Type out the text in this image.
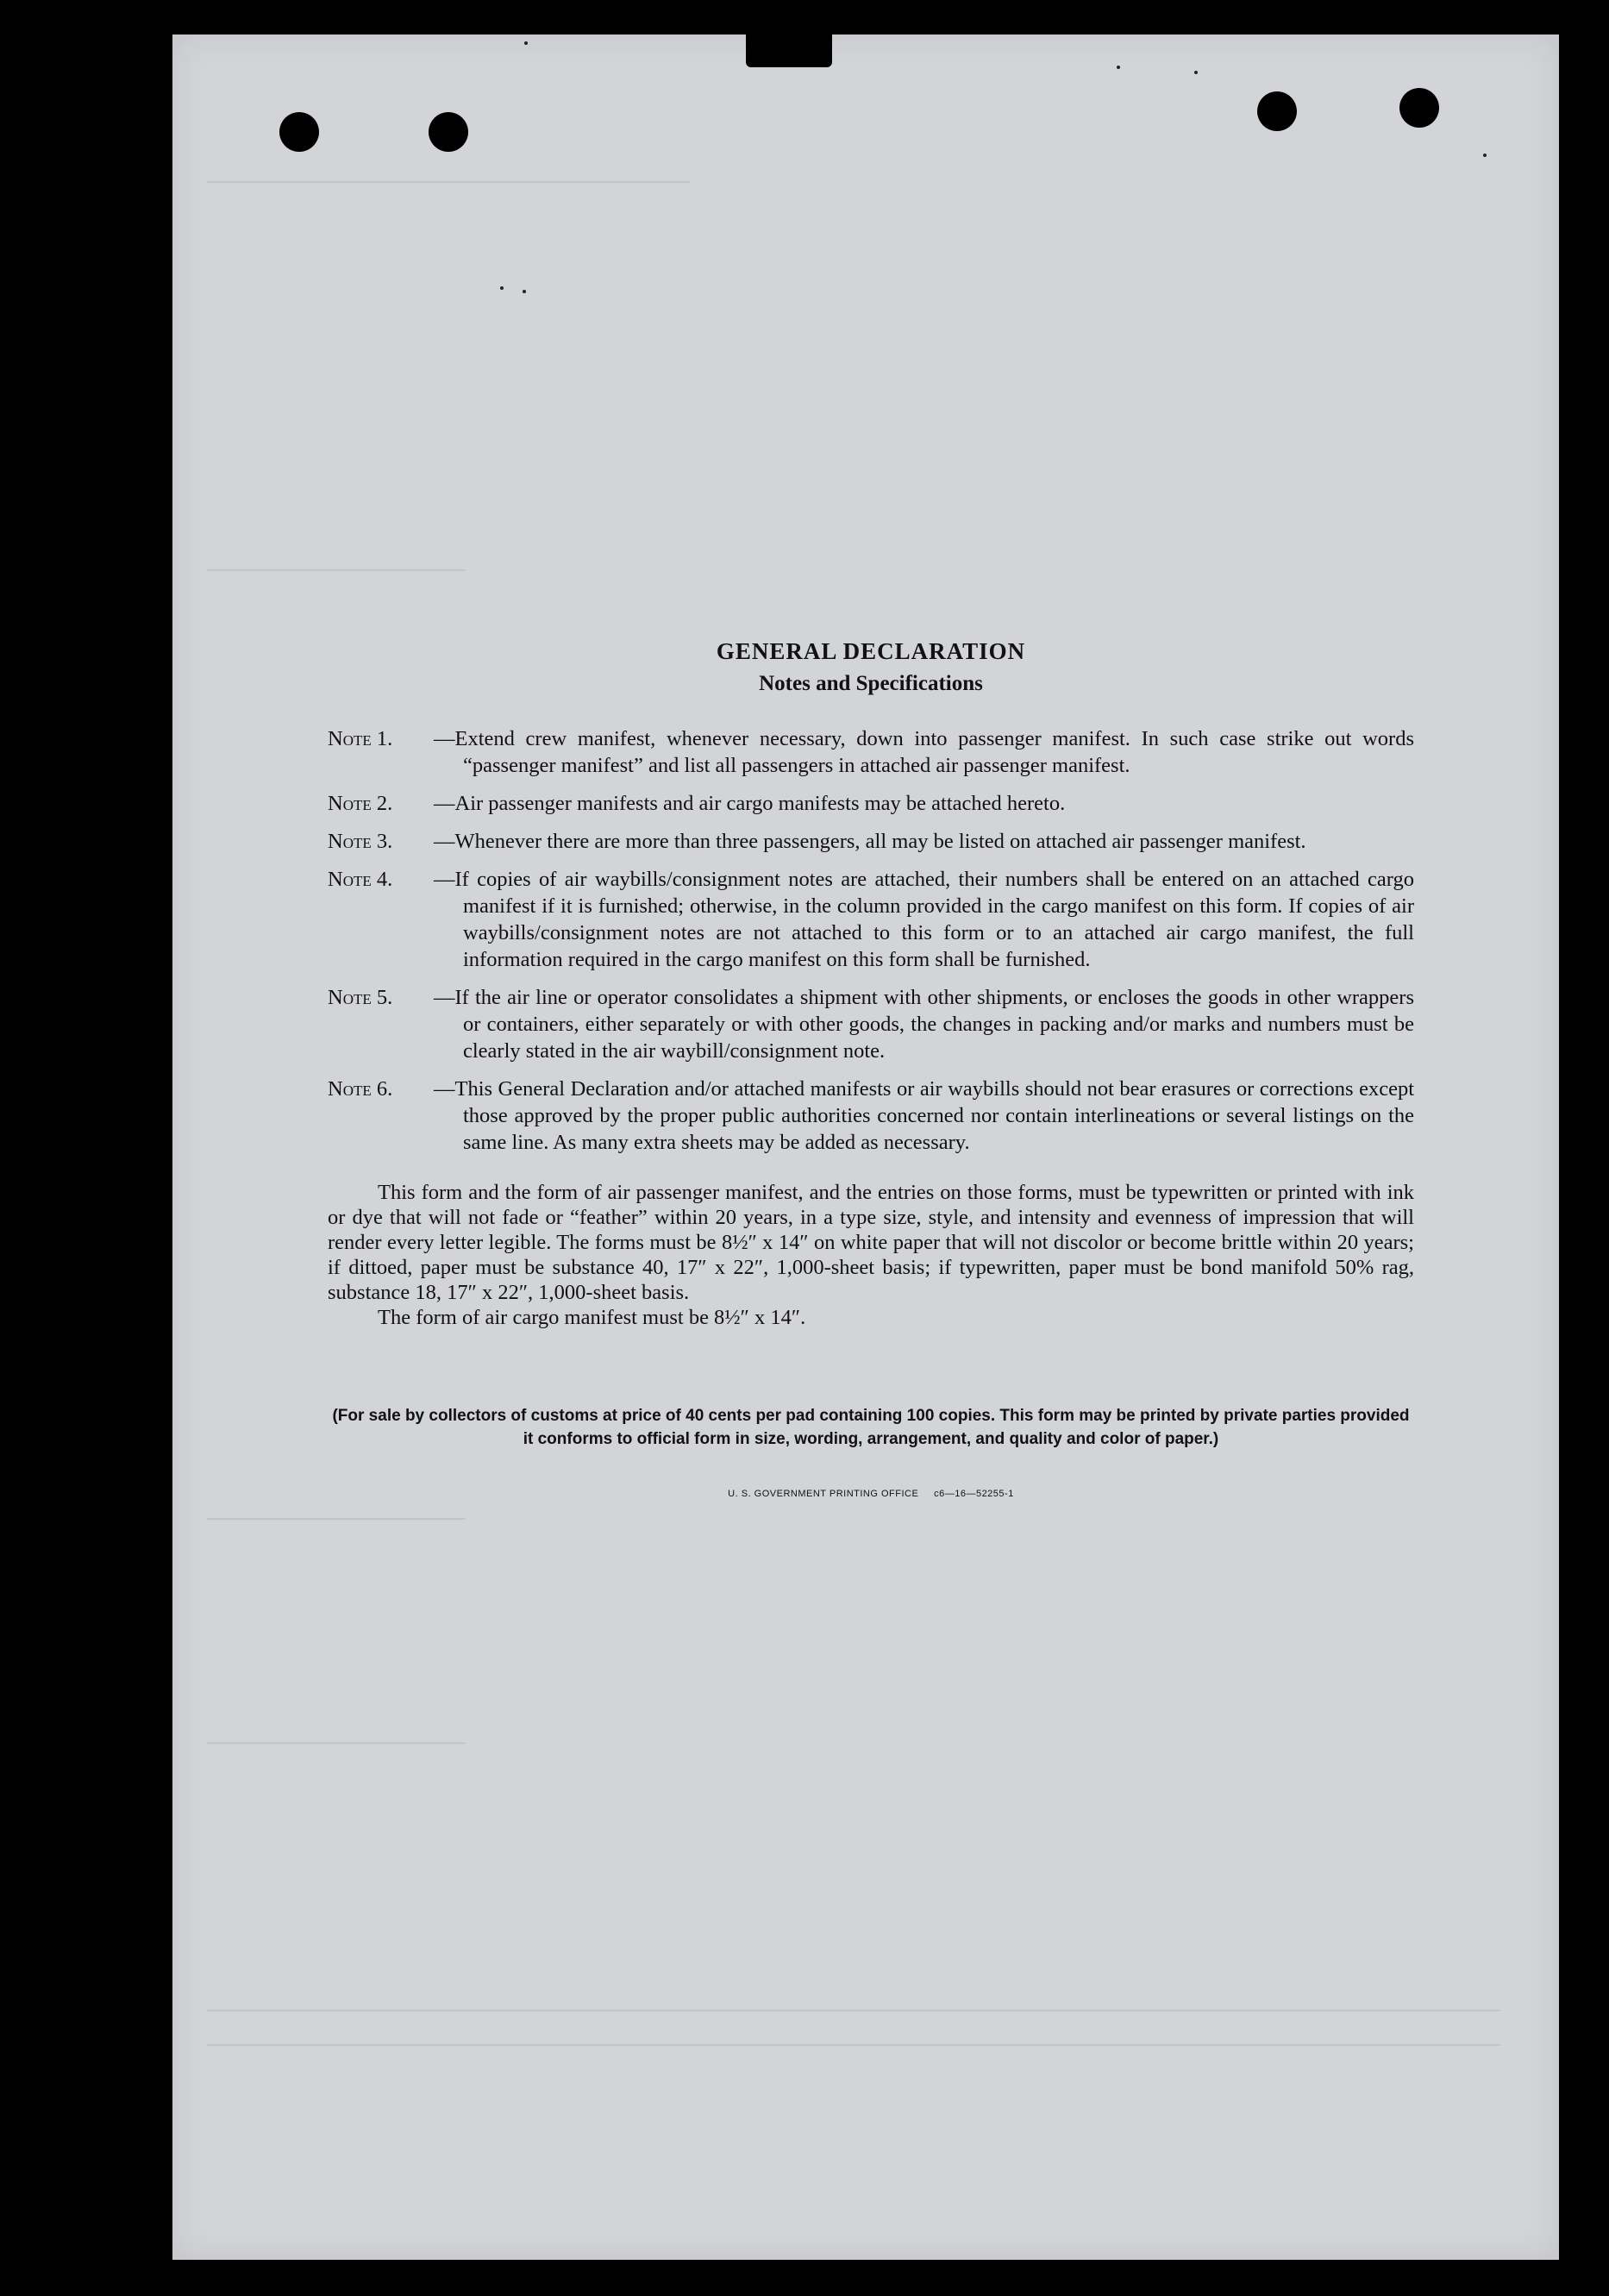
GENERAL DECLARATION
Notes and Specifications
Note 1.	—Extend crew manifest, whenever necessary, down into passenger manifest. In such case strike out words “passenger manifest” and list all passengers in attached air passenger manifest.
Note 2.	—Air passenger manifests and air cargo manifests may be attached hereto.
Note 3.	—Whenever there are more than three passengers, all may be listed on attached air passenger manifest.
Note 4.	—If copies of air waybills/consignment notes are attached, their numbers shall be entered on an attached cargo manifest if it is furnished; otherwise, in the column provided in the cargo manifest on this form. If copies of air waybills/consignment notes are not attached to this form or to an attached air cargo manifest, the full information required in the cargo manifest on this form shall be furnished.
Note 5.	—If the air line or operator consolidates a shipment with other shipments, or encloses the goods in other wrappers or containers, either separately or with other goods, the changes in packing and/or marks and numbers must be clearly stated in the air waybill/consignment note.
Note 6.	—This General Declaration and/or attached manifests or air waybills should not bear erasures or corrections except those approved by the proper public authorities concerned nor contain interlineations or several listings on the same line. As many extra sheets may be added as necessary.

This form and the form of air passenger manifest, and the entries on those forms, must be typewritten or printed with ink or dye that will not fade or “feather” within 20 years, in a type size, style, and intensity and evenness of impression that will render every letter legible. The forms must be 8½″ x 14″ on white paper that will not discolor or become brittle within 20 years; if dittoed, paper must be substance 40, 17″ x 22″, 1,000-sheet basis; if typewritten, paper must be bond manifold 50% rag, substance 18, 17″ x 22″, 1,000-sheet basis.

The form of air cargo manifest must be 8½″ x 14″.

(For sale by collectors of customs at price of 40 cents per pad containing 100 copies. This form may be printed by private parties provided it conforms to official form in size, wording, arrangement, and quality and color of paper.)

U. S. GOVERNMENT PRINTING OFFICE     c6—16—52255-1
